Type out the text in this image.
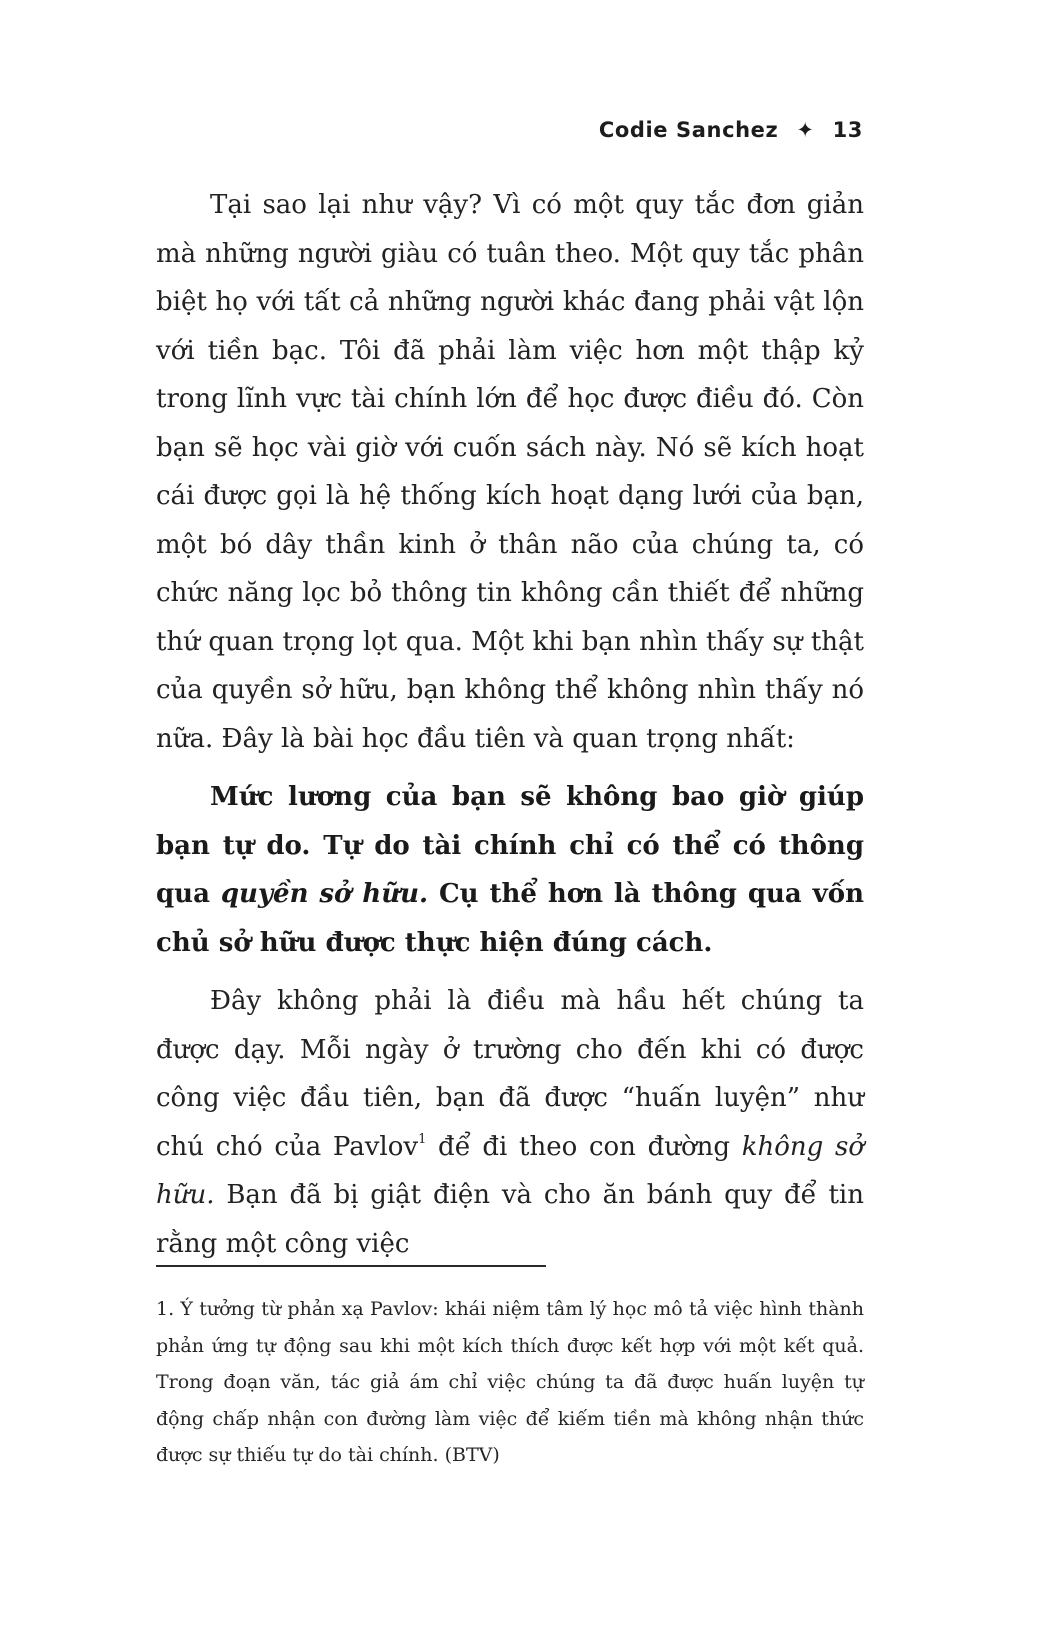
Codie Sanchez ✦ 13

Tại sao lại như vậy? Vì có một quy tắc đơn giản mà những người giàu có tuân theo. Một quy tắc phân biệt họ với tất cả những người khác đang phải vật lộn với tiền bạc. Tôi đã phải làm việc hơn một thập kỷ trong lĩnh vực tài chính lớn để học được điều đó. Còn bạn sẽ học vài giờ với cuốn sách này. Nó sẽ kích hoạt cái được gọi là hệ thống kích hoạt dạng lưới của bạn, một bó dây thần kinh ở thân não của chúng ta, có chức năng lọc bỏ thông tin không cần thiết để những thứ quan trọng lọt qua. Một khi bạn nhìn thấy sự thật của quyền sở hữu, bạn không thể không nhìn thấy nó nữa. Đây là bài học đầu tiên và quan trọng nhất:

Mức lương của bạn sẽ không bao giờ giúp bạn tự do. Tự do tài chính chỉ có thể có thông qua quyền sở hữu. Cụ thể hơn là thông qua vốn chủ sở hữu được thực hiện đúng cách.

Đây không phải là điều mà hầu hết chúng ta được dạy. Mỗi ngày ở trường cho đến khi có được công việc đầu tiên, bạn đã được “huấn luyện” như chú chó của Pavlov$^1$ để đi theo con đường không sở hữu. Bạn đã bị giật điện và cho ăn bánh quy để tin rằng một công việc

1. Ý tưởng từ phản xạ Pavlov: khái niệm tâm lý học mô tả việc hình thành phản ứng tự động sau khi một kích thích được kết hợp với một kết quả. Trong đoạn văn, tác giả ám chỉ việc chúng ta đã được huấn luyện tự động chấp nhận con đường làm việc để kiếm tiền mà không nhận thức được sự thiếu tự do tài chính. (BTV)
